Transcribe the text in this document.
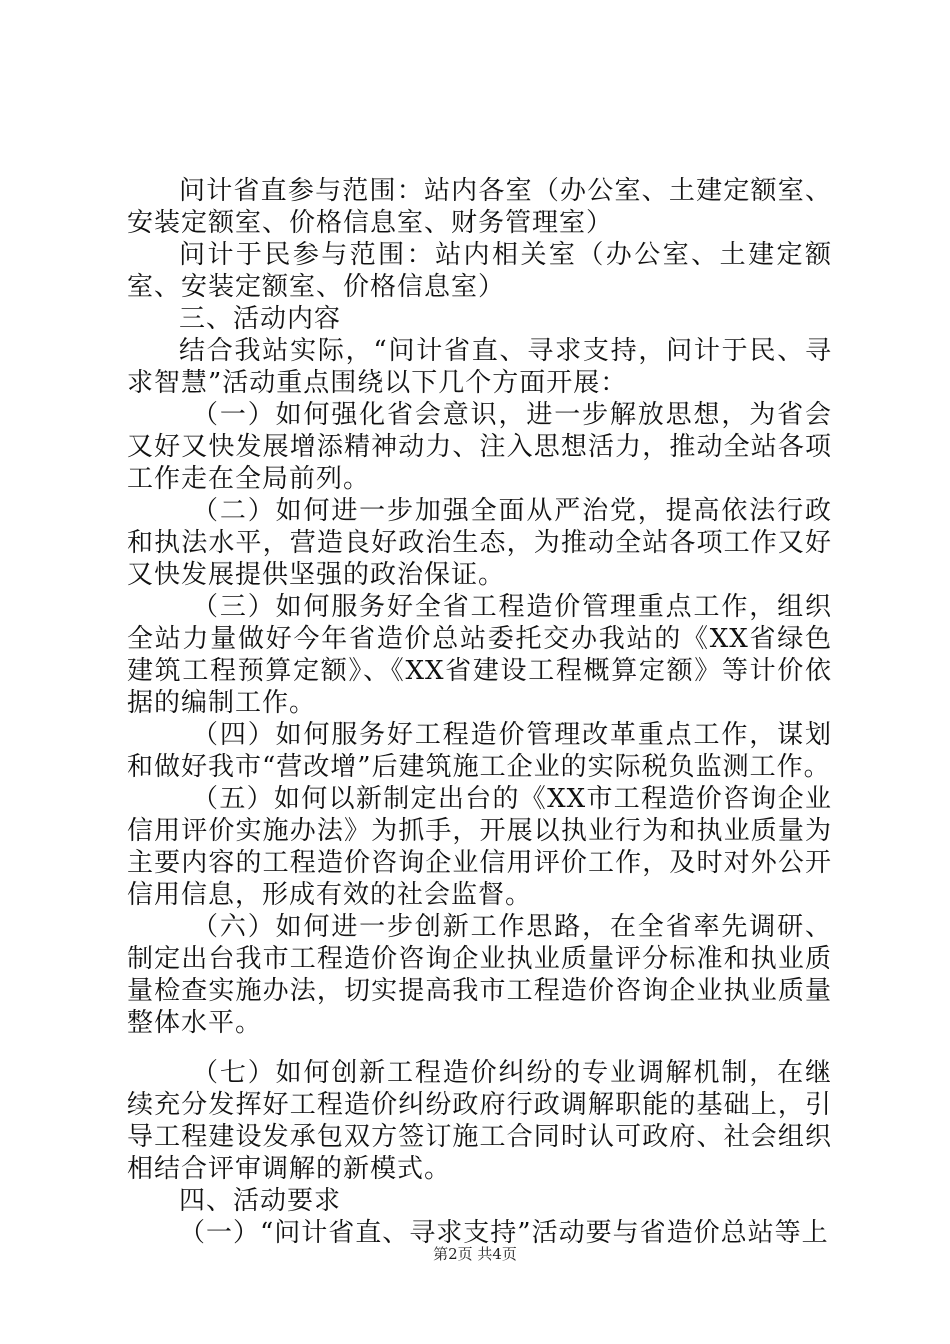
问计省直参与范围：站内各室（办公室、土建定额室、安装定额室、价格信息室、财务管理室）

问计于民参与范围：站内相关室（办公室、土建定额室、安装定额室、价格信息室）

三、活动内容

结合我站实际，“问计省直、寻求支持，问计于民、寻求智慧”活动重点围绕以下几个方面开展：

（一）如何强化省会意识，进一步解放思想，为省会又好又快发展增添精神动力、注入思想活力，推动全站各项工作走在全局前列。

（二）如何进一步加强全面从严治党，提高依法行政和执法水平，营造良好政治生态，为推动全站各项工作又好又快发展提供坚强的政治保证。

（三）如何服务好全省工程造价管理重点工作，组织全站力量做好今年省造价总站委托交办我站的《XX省绿色建筑工程预算定额》、《XX省建设工程概算定额》等计价依据的编制工作。

（四）如何服务好工程造价管理改革重点工作，谋划和做好我市“营改增”后建筑施工企业的实际税负监测工作。

（五）如何以新制定出台的《XX市工程造价咨询企业信用评价实施办法》为抓手，开展以执业行为和执业质量为主要内容的工程造价咨询企业信用评价工作，及时对外公开信用信息，形成有效的社会监督。

（六）如何进一步创新工作思路，在全省率先调研、制定出台我市工程造价咨询企业执业质量评分标准和执业质量检查实施办法，切实提高我市工程造价咨询企业执业质量整体水平。

（七）如何创新工程造价纠纷的专业调解机制，在继续充分发挥好工程造价纠纷政府行政调解职能的基础上，引导工程建设发承包双方签订施工合同时认可政府、社会组织相结合评审调解的新模式。

四、活动要求

（一）“问计省直、寻求支持”活动要与省造价总站等上

第2页 共4页
